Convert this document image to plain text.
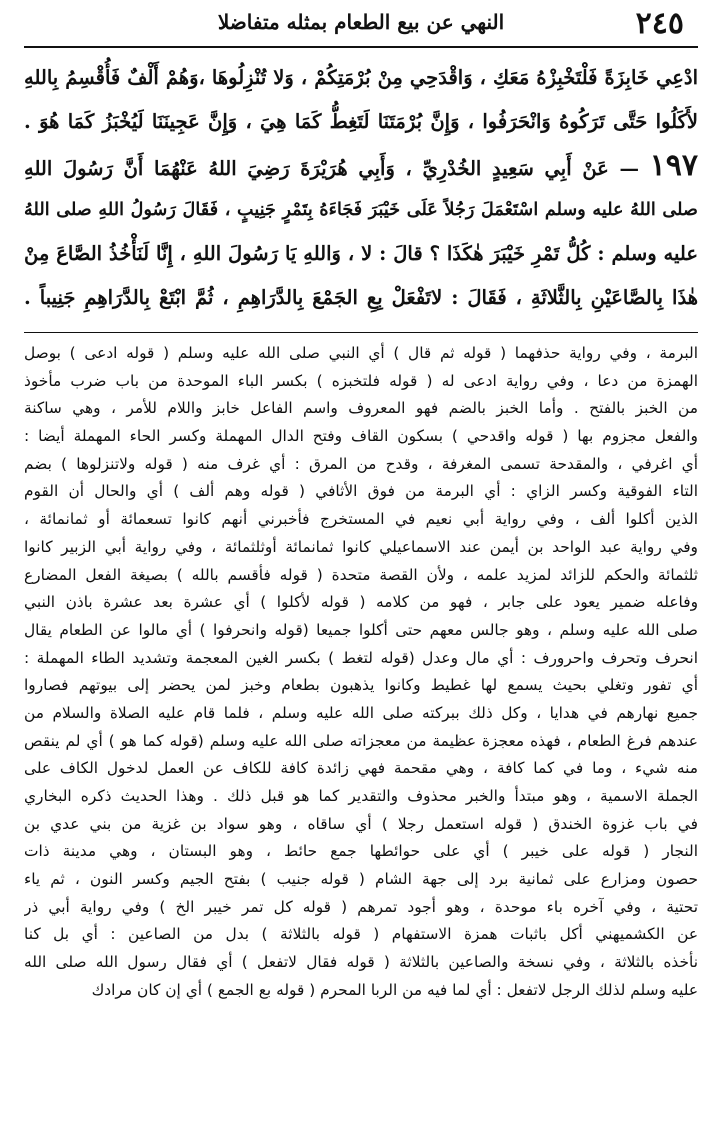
٢٤٥
النهي عن بيع الطعام بمثله متفاضلا
ادْعِي خَابِزَةً فَلْتَخْبِزْهُ مَعَكِ ، وَاقْدَحِي مِنْ بُرْمَتِكُمْ ، وَلا تُنْزِلُوهَا ،وَهُمْ أَلْفٌ فَأُقْسِمُ بِاللهِ
لأَكَلُوا حَتَّى تَرَكُوهُ وَانْحَرَفُوا ، وَإِنَّ بُرْمَتَنَا لَتَغِطُّ كَمَا هِيَ ، وَإِنَّ عَجِينَنَا لَيُخْبَزُ كَمَا هُوَ .
١٩٧ — عَنْ أَبِي سَعِيدٍ الخُدْرِيِّ ، وَأَبِي هُرَيْرَةَ رَضِيَ اللهُ عَنْهُمَا أَنَّ رَسُولَ اللهِ
صلى اللهُ عليه وسلم اسْتَعْمَلَ رَجُلاً عَلَى خَيْبَرَ فَجَاءَهُ بِتَمْرٍ جَنِيبٍ ، فَقَالَ رَسُولُ اللهِ صلى اللهُ
عليه وسلم : كُلُّ تَمْرِ خَيْبَرَ هٰكَذَا ؟ قالَ : لا ، وَاللهِ يَا رَسُولَ اللهِ ، إِنَّا لَنَأْخُذُ الصَّاعَ مِنْ
هٰذَا بِالصَّاعَيْنِ بِالثَّلاثَةِ ، فَقَالَ : لاتَفْعَلْ بِعِ الجَمْعَ بِالدَّرَاهِمِ ، ثُمَّ ابْتَعْ بِالدَّرَاهِمِ جَنِيباً .
البرمة ، وفي رواية حذفهما ( قوله ثم قال ) أي النبي صلى الله عليه وسلم ( قوله ادعى ) بوصل
الهمزة من دعا ، وفي رواية ادعى له ( قوله فلتخبزه ) بكسر الباء الموحدة من باب ضرب مأخوذ
من الخبز بالفتح . وأما الخبز بالضم فهو المعروف واسم الفاعل خابز واللام للأمر ، وهي ساكنة
والفعل مجزوم بها ( قوله واقدحي ) بسكون القاف وفتح الدال المهملة وكسر الحاء المهملة أيضا :
أي اغرفي ، والمقدحة تسمى المغرفة ، وقدح من المرق : أي غرف منه ( قوله ولاتنزلوها ) بضم
التاء الفوقية وكسر الزاي : أي البرمة من فوق الأثافي ( قوله وهم ألف ) أي والحال أن القوم
الذين أكلوا ألف ، وفي رواية أبي نعيم في المستخرج فأخبرني أنهم كانوا تسعمائة أو ثمانمائة ،
وفي رواية عبد الواحد بن أيمن عند الاسماعيلي كانوا ثمانمائة أوثلثمائة ، وفي رواية أبي الزبير كانوا
ثلثمائة والحكم للزائد لمزيد علمه ، ولأن القصة متحدة ( قوله فأقسم بالله ) بصيغة الفعل المضارع
وفاعله ضمير يعود على جابر ، فهو من كلامه ( قوله لأكلوا ) أي عشرة بعد عشرة باذن النبي
صلى الله عليه وسلم ، وهو جالس معهم حتى أكلوا جميعا (قوله وانحرفوا ) أي مالوا عن الطعام يقال
انحرف وتحرف واحرورف : أي مال وعدل (قوله لتغط ) بكسر الغين المعجمة وتشديد الطاء المهملة :
أي تفور وتغلي بحيث يسمع لها غطيط وكانوا يذهبون بطعام وخبز لمن يحضر إلى بيوتهم فصاروا
جميع نهارهم في هدايا ، وكل ذلك ببركته صلى الله عليه وسلم ، فلما قام عليه الصلاة والسلام من
عندهم فرغ الطعام ، فهذه معجزة عظيمة من معجزاته صلى الله عليه وسلم (قوله كما هو ) أي لم ينقص
منه شيء ، وما في كما كافة ، وهي مقحمة فهي زائدة كافة للكاف عن العمل لدخول الكاف على
الجملة الاسمية ، وهو مبتدأ والخبر محذوف والتقدير كما هو قبل ذلك . وهذا الحديث ذكره البخاري
في باب غزوة الخندق ( قوله استعمل رجلا ) أي ساقاه ، وهو سواد بن غزية من بني عدي بن
النجار ( قوله على خيبر ) أي على حوائطها جمع حائط ، وهو البستان ، وهي مدينة ذات
حصون ومزارع على ثمانية برد إلى جهة الشام ( قوله جنيب ) بفتح الجيم وكسر النون ، ثم ياء
تحتية ، وفي آخره باء موحدة ، وهو أجود تمرهم ( قوله كل تمر خيبر الخ ) وفي رواية أبي ذر
عن الكشميهني أكل باثبات همزة الاستفهام ( قوله بالثلاثة ) بدل من الصاعين : أي بل كنا
نأخذه بالثلاثة ، وفي نسخة والصاعين بالثلاثة ( قوله فقال لاتفعل ) أي فقال رسول الله صلى الله
عليه وسلم لذلك الرجل لاتفعل : أي لما فيه من الربا المحرم ( قوله بع الجمع ) أي إن كان مرادك
